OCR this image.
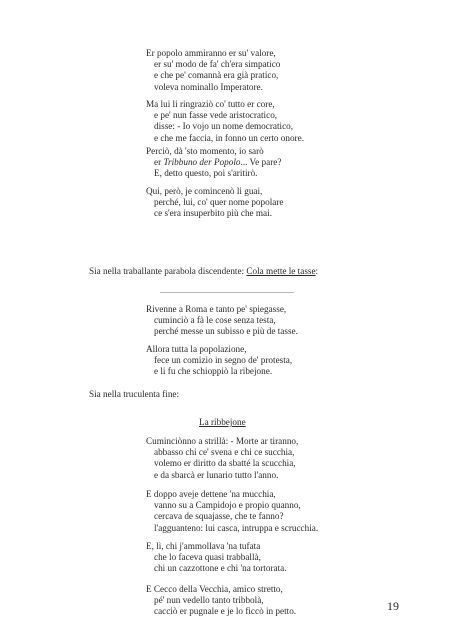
Er popolo ammiranno er su' valore,
er su' modo de fa' ch'era simpatico
e che pe' comannà era già pratico,
voleva nominallo Imperatore.
Ma lui li ringraziò co' tutto er core,
e pe' nun fasse vede aristocratico,
disse: - Io vojo un nome democratico,
e che me faccia, in fonno un certo onore.
Perciò, dà 'sto momento, io sarò
er Tribbuno der Popolo... Ve pare?
E, detto questo, poi s'aritirò.
Qui, però, je comincenò li guai,
perché, lui, co' quer nome popolare
ce s'era insuperbito più che mai.
Sia nella traballante parabola discendente: Cola mette le tasse:
...................................................................
Rivenne a Roma e tanto pe' spiegasse,
cuminciò a fà le cose senza testa,
perché messe un subisso e più de tasse.
Allora tutta la popolazione,
fece un comizio in segno de' protesta,
e li fu che schioppiò la ribejone.
Sia nella truculenta fine:
La ribbejone
Cuminciònno a strillà: - Morte ar tiranno,
abbasso chi ce' svena e chi ce succhia,
volemo er diritto da sbatté la scucchia,
e da sbarcà er lunario tutto l'anno.
E doppo aveje dettene 'na mucchia,
vanno su a Campidojo e propio quanno,
cercava de squajasse, che te fanno?
l'agguanteno: lui casca, intruppa e scrucchia.
E, lì, chi j'ammollava 'na tufata
che lo faceva quasi trabballà,
chi un cazzottone e chi 'na tortorata.
E Cecco della Vecchia, amico stretto,
pé' nun vedello tanto tribbolà,
cacciò er pugnale e je lo ficcò in petto.	19
